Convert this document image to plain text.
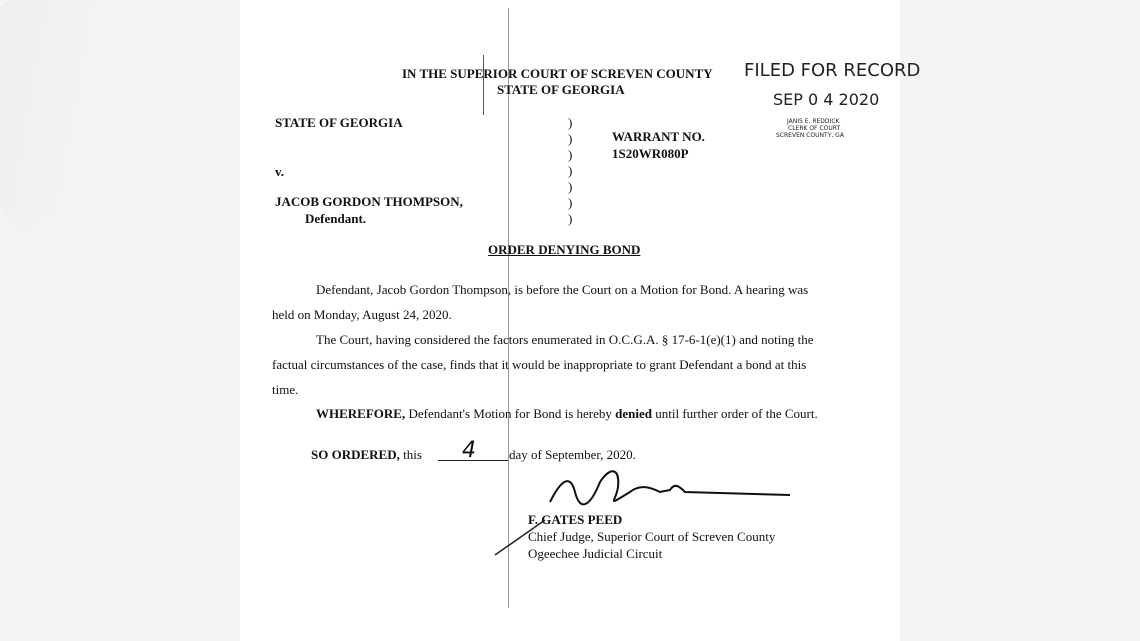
IN THE SUPERIOR COURT OF SCREVEN COUNTY
STATE OF GEORGIA
FILED FOR RECORD
SEP 0 4 2020
JANIS E. REDDICK
CLERK OF COURT
SCREVEN COUNTY, GA
STATE OF GEORGIA
v.
JACOB GORDON THOMPSON,
Defendant.
)
)
)
)
)
)
)
WARRANT NO.
1S20WR080P
ORDER DENYING BOND
Defendant, Jacob Gordon Thompson, is before the Court on a Motion for Bond. A hearing was
held on Monday, August 24, 2020.
The Court, having considered the factors enumerated in O.C.G.A. § 17-6-1(e)(1) and noting the
factual circumstances of the case, finds that it would be inappropriate to grant Defendant a bond at this
time.
WHEREFORE, Defendant's Motion for Bond is hereby denied until further order of the Court.
SO ORDERED, this 4	day of September, 2020.
F. GATES PEED
Chief Judge, Superior Court of Screven County
Ogeechee Judicial Circuit
